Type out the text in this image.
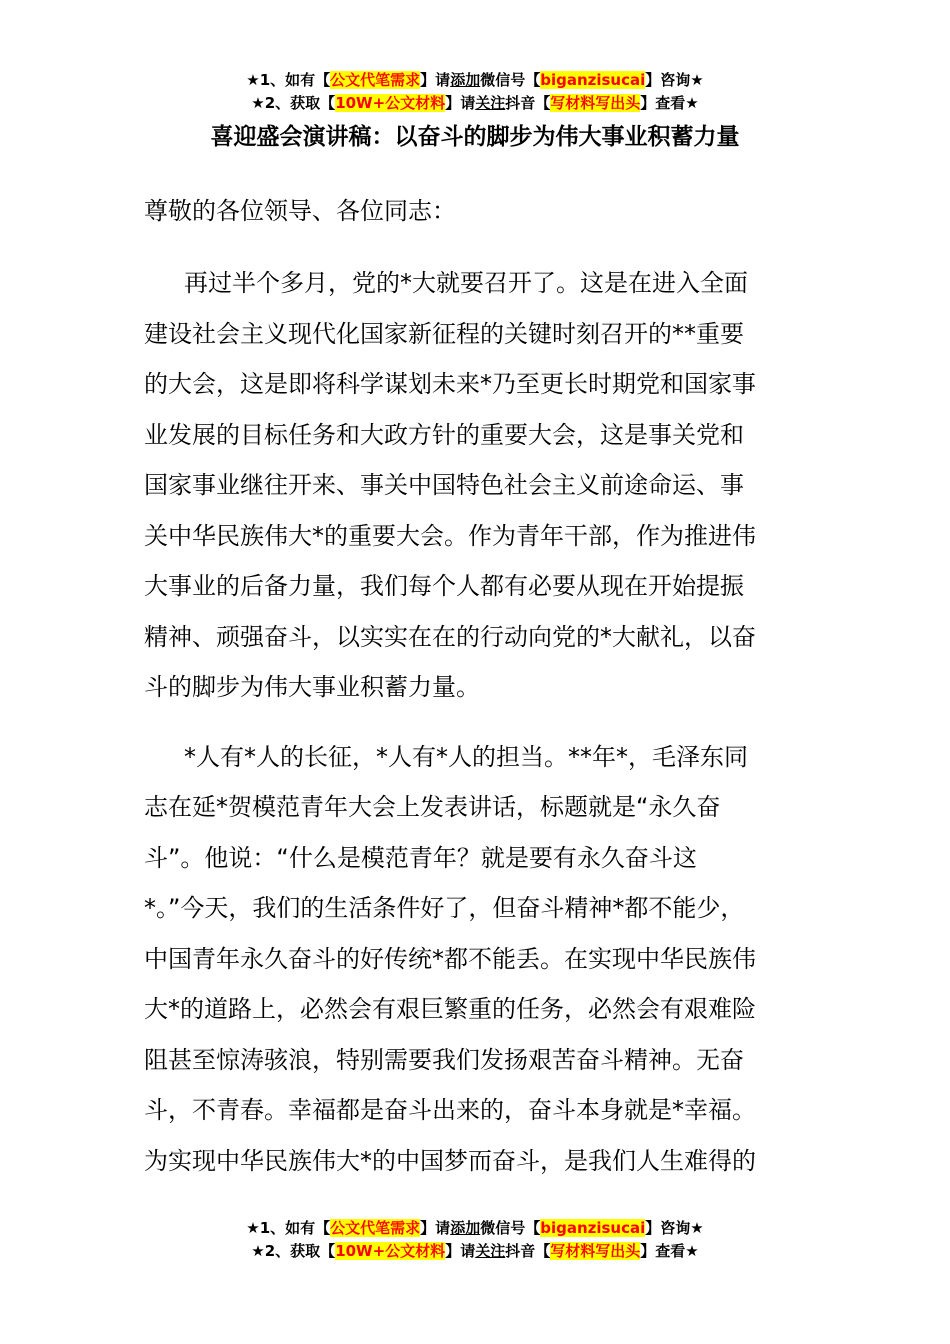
★1、如有【公文代笔需求】请添加微信号【biganzisucai】咨询★
★2、获取【10W+公文材料】请关注抖音【写材料写出头】查看★
喜迎盛会演讲稿：以奋斗的脚步为伟大事业积蓄力量
尊敬的各位领导、各位同志：
再过半个多月，党的*大就要召开了。这是在进入全面
建设社会主义现代化国家新征程的关键时刻召开的**重要
的大会，这是即将科学谋划未来*乃至更长时期党和国家事
业发展的目标任务和大政方针的重要大会，这是事关党和
国家事业继往开来、事关中国特色社会主义前途命运、事
关中华民族伟大*的重要大会。作为青年干部，作为推进伟
大事业的后备力量，我们每个人都有必要从现在开始提振
精神、顽强奋斗，以实实在在的行动向党的*大献礼，以奋
斗的脚步为伟大事业积蓄力量。
*人有*人的长征，*人有*人的担当。**年*，毛泽东同
志在延*贺模范青年大会上发表讲话，标题就是“永久奋
斗”。他说：“什么是模范青年？就是要有永久奋斗这
*。”今天，我们的生活条件好了，但奋斗精神*都不能少，
中国青年永久奋斗的好传统*都不能丢。在实现中华民族伟
大*的道路上，必然会有艰巨繁重的任务，必然会有艰难险
阻甚至惊涛骇浪，特别需要我们发扬艰苦奋斗精神。无奋
斗，不青春。幸福都是奋斗出来的，奋斗本身就是*幸福。
为实现中华民族伟大*的中国梦而奋斗，是我们人生难得的
★1、如有【公文代笔需求】请添加微信号【biganzisucai】咨询★
★2、获取【10W+公文材料】请关注抖音【写材料写出头】查看★
